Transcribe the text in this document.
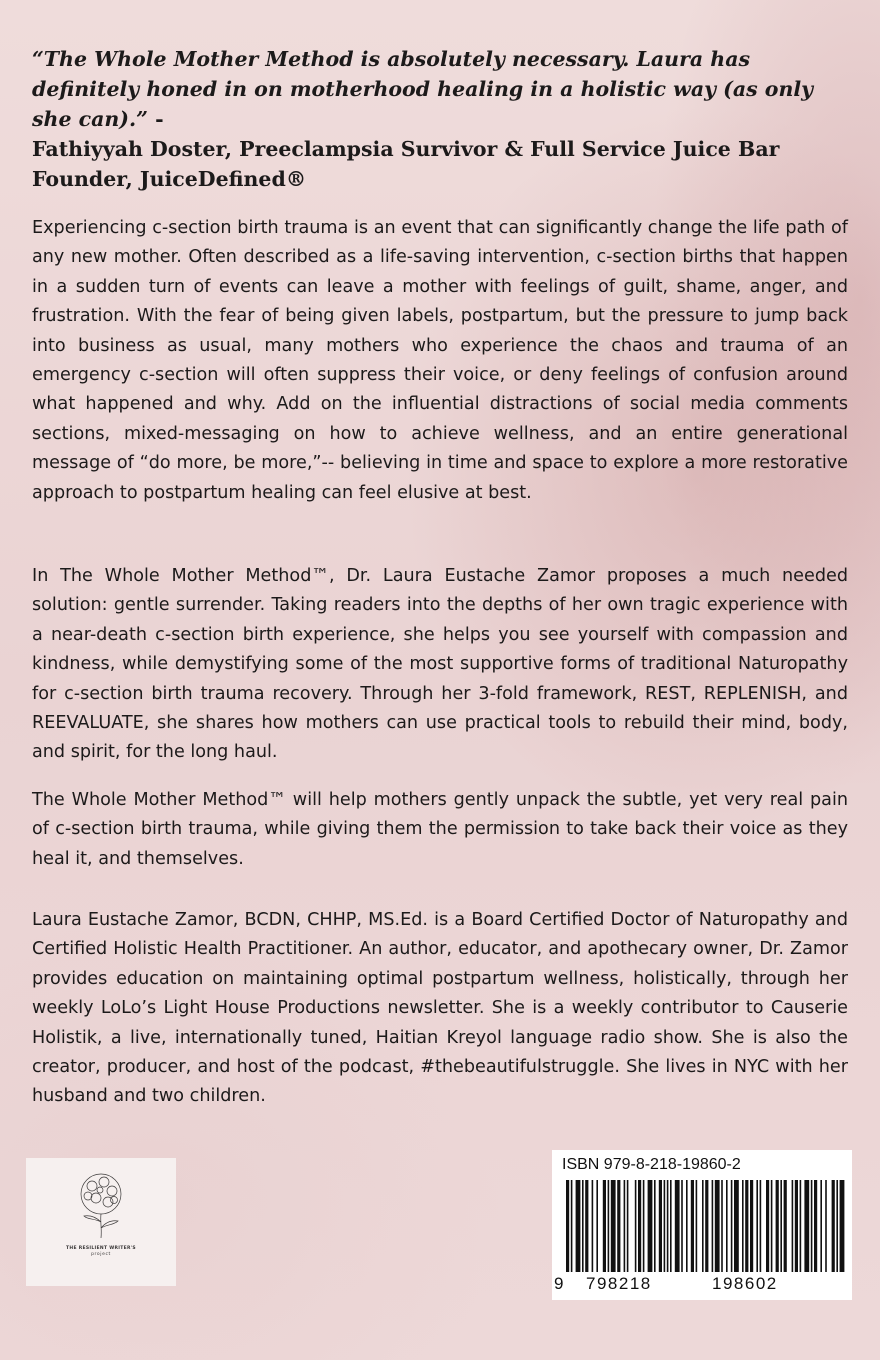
“The Whole Mother Method is absolutely necessary. Laura has definitely honed in on motherhood healing in a holistic way (as only she can).” -
Fathiyyah Doster, Preeclampsia Survivor & Full Service Juice Bar Founder, JuiceDefined®

Experiencing c-section birth trauma is an event that can significantly change the life path of any new mother. Often described as a life-saving intervention, c-section births that happen in a sudden turn of events can leave a mother with feelings of guilt, shame, anger, and frustration. With the fear of being given labels, postpartum, but the pressure to jump back into business as usual, many mothers who experience the chaos and trauma of an emergency c-section will often suppress their voice, or deny feelings of confusion around what happened and why. Add on the influential distractions of social media comments sections, mixed-messaging on how to achieve wellness, and an entire generational message of “do more, be more,”-- believing in time and space to explore a more restorative approach to postpartum healing can feel elusive at best.

In The Whole Mother Method™, Dr. Laura Eustache Zamor proposes a much needed solution: gentle surrender. Taking readers into the depths of her own tragic experience with a near-death c-section birth experience, she helps you see yourself with compassion and kindness, while demystifying some of the most supportive forms of traditional Naturopathy for c-section birth trauma recovery. Through her 3-fold framework, REST, REPLENISH, and REEVALUATE, she shares how mothers can use practical tools to rebuild their mind, body, and spirit, for the long haul.

The Whole Mother Method™ will help mothers gently unpack the subtle, yet very real pain of c-section birth trauma, while giving them the permission to take back their voice as they heal it, and themselves.

Laura Eustache Zamor, BCDN, CHHP, MS.Ed. is a Board Certified Doctor of Naturopathy and Certified Holistic Health Practitioner. An author, educator, and apothecary owner, Dr. Zamor provides education on maintaining optimal postpartum wellness, holistically, through her weekly LoLo’s Light House Productions newsletter. She is a weekly contributor to Causerie Holistik, a live, internationally tuned, Haitian Kreyol language radio show. She is also the creator, producer, and host of the podcast, #thebeautifulstruggle. She lives in NYC with her husband and two children.

THE RESILIENT WRITER'S
project
ISBN 979-8-218-19860-2
9 798218	198602
